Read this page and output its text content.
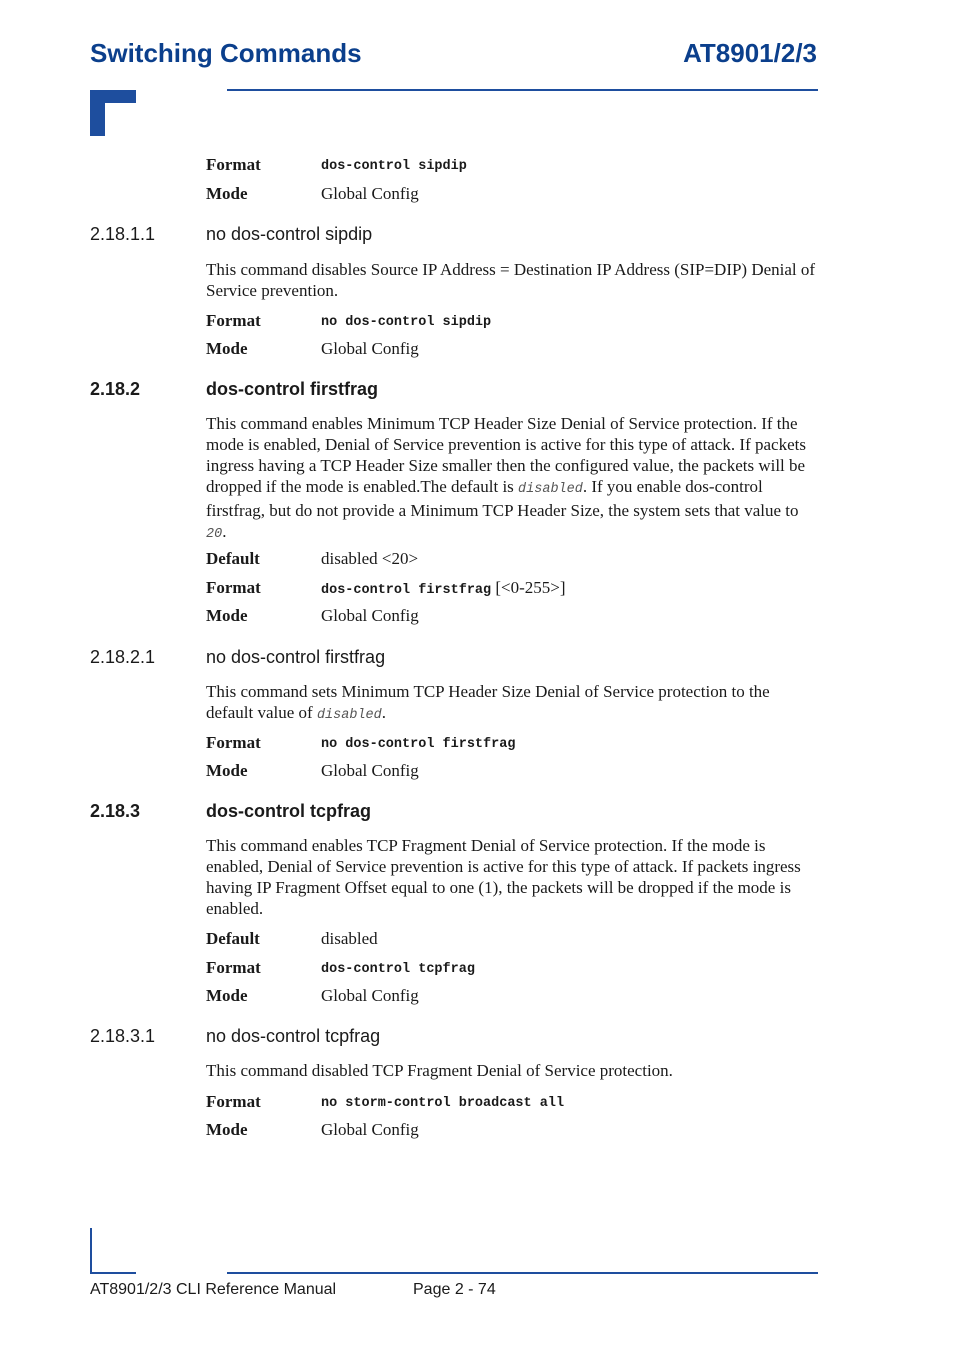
Switching Commands	AT8901/2/3
Format	dos-control sipdip
Mode	Global Config
2.18.1.1	no dos-control sipdip
This command disables Source IP Address = Destination IP Address (SIP=DIP) Denial of Service prevention.
Format	no dos-control sipdip
Mode	Global Config
2.18.2	dos-control firstfrag
This command enables Minimum TCP Header Size Denial of Service protection. If the mode is enabled, Denial of Service prevention is active for this type of attack. If packets ingress having a TCP Header Size smaller then the configured value, the packets will be dropped if the mode is enabled.The default is disabled. If you enable dos-control firstfrag, but do not provide a Minimum TCP Header Size, the system sets that value to 20.
Default	disabled <20>
Format	dos-control firstfrag [<0-255>]
Mode	Global Config
2.18.2.1	no dos-control firstfrag
This command sets Minimum TCP Header Size Denial of Service protection to the default value of disabled.
Format	no dos-control firstfrag
Mode	Global Config
2.18.3	dos-control tcpfrag
This command enables TCP Fragment Denial of Service protection. If the mode is enabled, Denial of Service prevention is active for this type of attack. If packets ingress having IP Fragment Offset equal to one (1), the packets will be dropped if the mode is enabled.
Default	disabled
Format	dos-control tcpfrag
Mode	Global Config
2.18.3.1	no dos-control tcpfrag
This command disabled TCP Fragment Denial of Service protection.
Format	no storm-control broadcast all
Mode	Global Config
AT8901/2/3 CLI Reference Manual	Page 2 - 74
